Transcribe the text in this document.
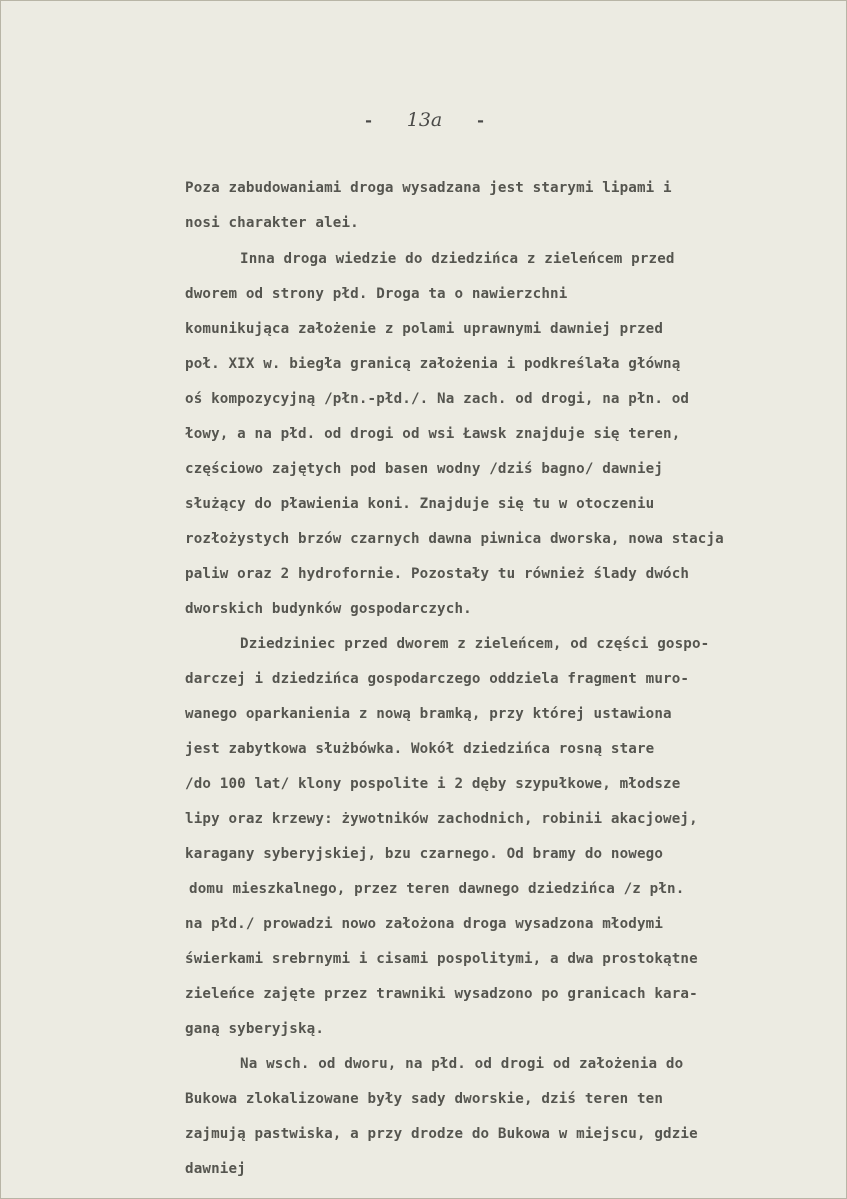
- 13a -
Poza zabudowaniami droga wysadzana jest starymi lipami i
nosi charakter alei.
Inna droga wiedzie do dziedzińca z zieleńcem przed
dworem od strony płd. Droga ta o nawierzchni
komunikująca założenie z polami uprawnymi dawniej przed
poł. XIX w. biegła granicą założenia i podkreślała główną
oś kompozycyjną /płn.-płd./. Na zach. od drogi, na płn. od
łowy, a na płd. od drogi od wsi Ławsk znajduje się teren,
częściowo zajętych pod basen wodny /dziś bagno/ dawniej
służący do pławienia koni. Znajduje się tu w otoczeniu
rozłożystych brzów czarnych dawna piwnica dworska, nowa stacja
paliw oraz 2 hydrofornie. Pozostały tu również ślady dwóch
dworskich budynków gospodarczych.
Dziedziniec przed dworem z zieleńcem, od części gospo-
darczej i dziedzińca gospodarczego oddziela fragment muro-
wanego oparkanienia z nową bramką, przy której ustawiona
jest zabytkowa służbówka. Wokół dziedzińca rosną stare
/do 100 lat/ klony pospolite i 2 dęby szypułkowe, młodsze
lipy oraz krzewy: żywotników zachodnich, robinii akacjowej,
karagany syberyjskiej, bzu czarnego. Od bramy do nowego
domu mieszkalnego, przez teren dawnego dziedzińca /z płn.
na płd./ prowadzi nowo założona droga wysadzona młodymi
świerkami srebrnymi i cisami pospolitymi, a dwa prostokątne
zieleńce zajęte przez trawniki wysadzono po granicach kara-
ganą syberyjską.
Na wsch. od dworu, na płd. od drogi od założenia do
Bukowa zlokalizowane były sady dworskie, dziś teren ten
zajmują pastwiska, a przy drodze do Bukowa w miejscu, gdzie
dawniej
